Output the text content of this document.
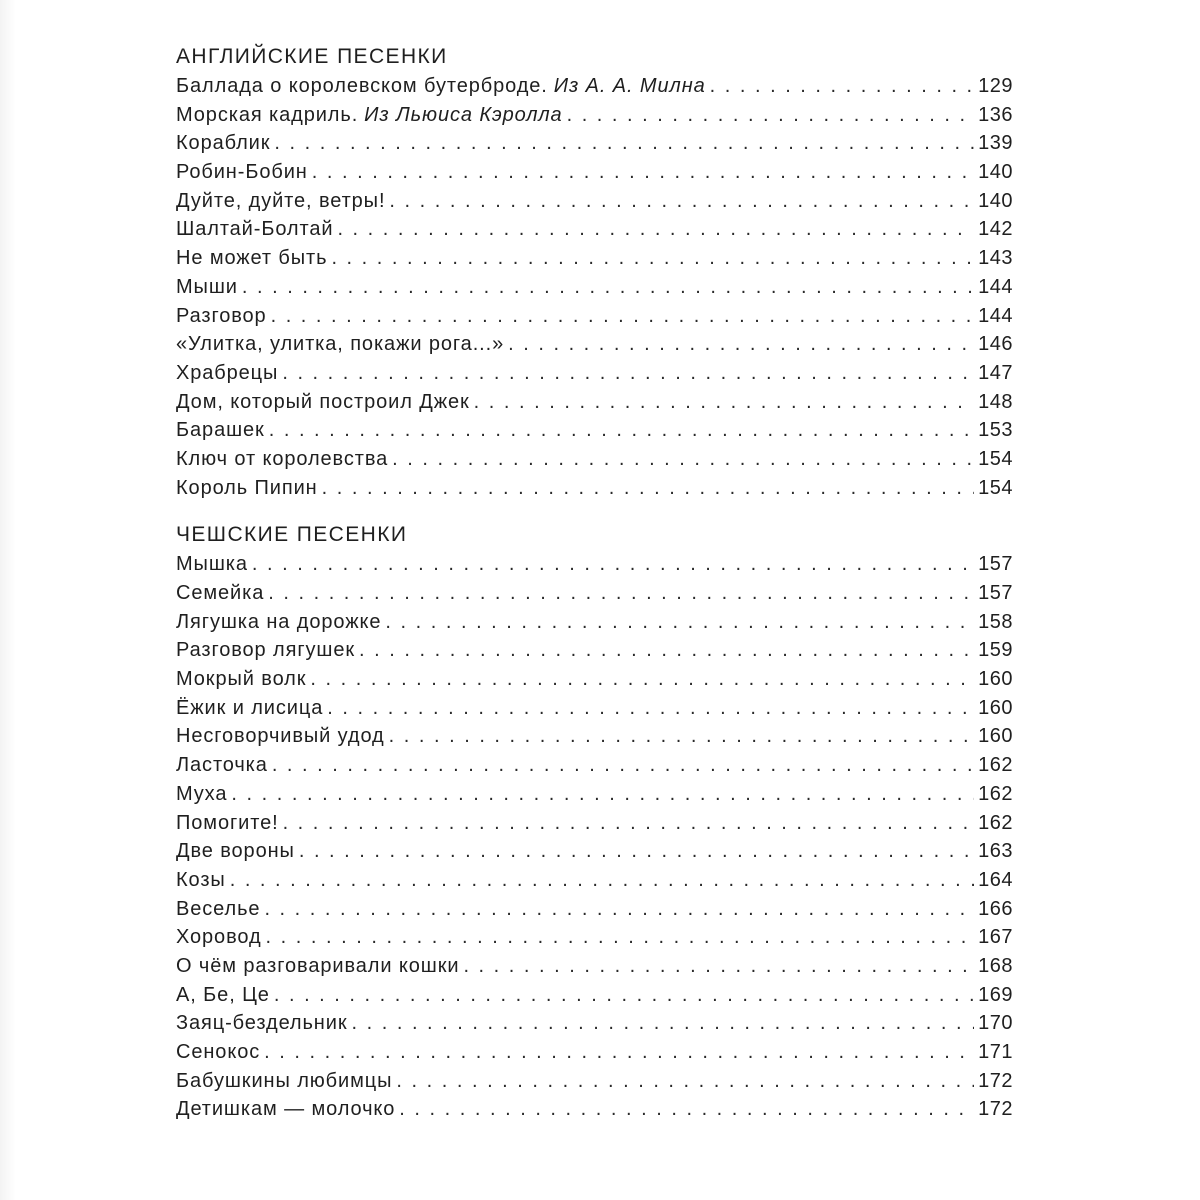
АНГЛИЙСКИЕ ПЕСЕНКИ
Баллада о королевском бутерброде. Из А. А. Милна . . .	129
Морская кадриль. Из Льюиса Кэролла . . .	136
Кораблик . . .	139
Робин-Бобин . . .	140
Дуйте, дуйте, ветры! . . .	140
Шалтай-Болтай . . .	142
Не может быть . . .	143
Мыши . . .	144
Разговор . . .	144
«Улитка, улитка, покажи рога...» . . .	146
Храбрецы . . .	147
Дом, который построил Джек . . .	148
Барашек . . .	153
Ключ от королевства . . .	154
Король Пипин . . .	154
ЧЕШСКИЕ ПЕСЕНКИ
Мышка . . .	157
Семейка . . .	157
Лягушка на дорожке . . .	158
Разговор лягушек . . .	159
Мокрый волк . . .	160
Ёжик и лисица . . .	160
Несговорчивый удод . . .	160
Ласточка . . .	162
Муха . . .	162
Помогите! . . .	162
Две вороны . . .	163
Козы . . .	164
Веселье . . .	166
Хоровод . . .	167
О чём разговаривали кошки . . .	168
А, Бе, Це . . .	169
Заяц-бездельник . . .	170
Сенокос . . .	171
Бабушкины любимцы . . .	172
Детишкам — молочко . . .	172
